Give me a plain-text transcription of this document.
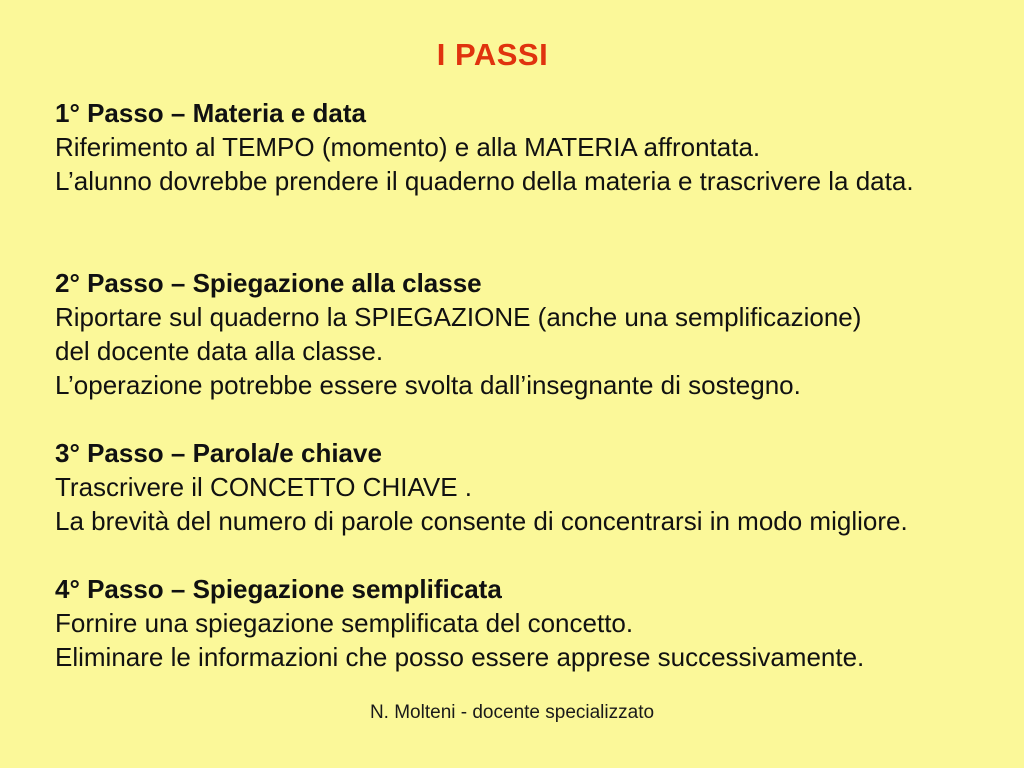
I PASSI
1° Passo – Materia e data
Riferimento al TEMPO (momento) e alla MATERIA affrontata.
L’alunno dovrebbe prendere il quaderno della materia e trascrivere la data.
2° Passo – Spiegazione alla classe
Riportare sul quaderno la SPIEGAZIONE (anche una semplificazione)
del docente data alla classe.
L’operazione potrebbe essere svolta dall’insegnante di sostegno.
3° Passo – Parola/e chiave
Trascrivere il CONCETTO CHIAVE .
La brevità del numero di parole consente di concentrarsi in modo migliore.
4° Passo – Spiegazione semplificata
Fornire una spiegazione semplificata del concetto.
Eliminare le informazioni che posso essere apprese successivamente.
N. Molteni - docente specializzato
